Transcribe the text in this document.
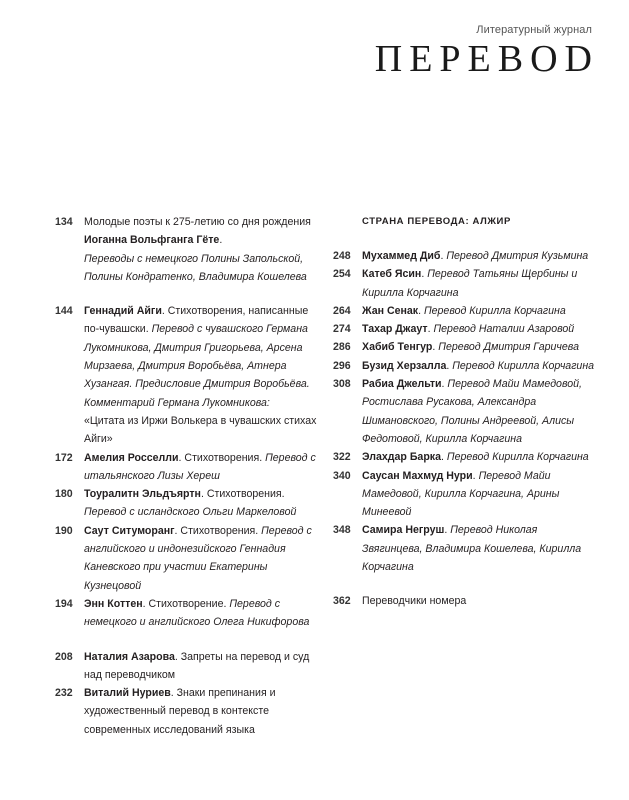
Литературный журнал
ПЕРЕВОD
134	Молодые поэты к 275-летию со дня рождения Иоганна Вольфганга Гёте.
Переводы с немецкого Полины Запольской, Полины Кондратенко, Владимира Кошелева
144	Геннадий Айги. Стихотворения, написанные по-чувашски. Перевод с чувашского Германа Лукомникова, Дмитрия Григорьева, Арсена Мирзаева, Дмитрия Воробьёва, Атнера Хузангая. Предисловие Дмитрия Воробьёва. Комментарий Германа Лукомникова:
«Цитата из Иржи Волькера в чувашских стихах Айги»
172	Амелия Росселли. Стихотворения. Перевод с итальянского Лизы Хереш
180	Тоуралитн Эльдъяртн. Стихотворения. Перевод с исландского Ольги Маркеловой
190	Саут Ситуморанг. Стихотворения. Перевод с английского и индонезийского Геннадия Каневского при участии Екатерины Кузнецовой
194	Энн Коттен. Стихотворение. Перевод с немецкого и английского Олега Никифорова
208	Наталия Азарова. Запреты на перевод и суд над переводчиком
232	Виталий Нуриев. Знаки препинания и художественный перевод в контексте современных исследований языка
СТРАНА ПЕРЕВОДА: АЛЖИР
248	Мухаммед Диб. Перевод Дмитрия Кузьмина
254	Катеб Ясин. Перевод Татьяны Щербины и Кирилла Корчагина
264	Жан Сенак. Перевод Кирилла Корчагина
274	Тахар Джаут. Перевод Наталии Азаровой
286	Хабиб Тенгур. Перевод Дмитрия Гаричева
296	Бузид Херзалла. Перевод Кирилла Корчагина
308	Рабиа Джельти. Перевод Майи Мамедовой, Ростислава Русакова, Александра Шимановского, Полины Андреевой, Алисы Федотовой, Кирилла Корчагина
322	Элахдар Барка. Перевод Кирилла Корчагина
340	Саусан Махмуд Нури. Перевод Майи Мамедовой, Кирилла Корчагина, Арины Минеевой
348	Самира Негруш. Перевод Николая Звягинцева, Владимира Кошелева, Кирилла Корчагина
362	Переводчики номера
